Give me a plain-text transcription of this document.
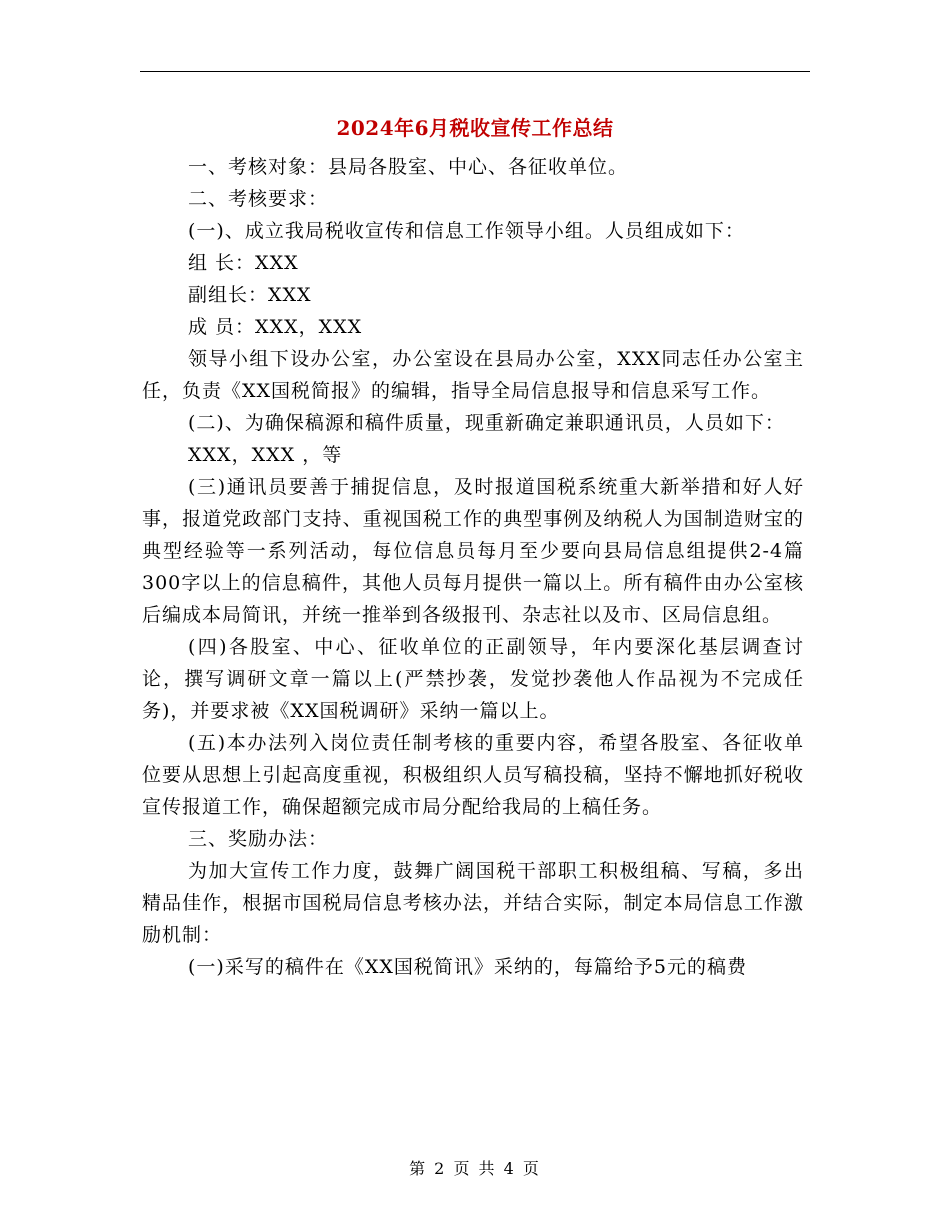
2024年6月税收宣传工作总结

一、考核对象：县局各股室、中心、各征收单位。

二、考核要求：

(一)、成立我局税收宣传和信息工作领导小组。人员组成如下：

组 长：XXX

副组长：XXX

成 员：XXX，XXX

领导小组下设办公室，办公室设在县局办公室，XXX同志任办公室主任，负责《XX国税简报》的编辑，指导全局信息报导和信息采写工作。

(二)、为确保稿源和稿件质量，现重新确定兼职通讯员，人员如下：

XXX，XXX ，等

(三)通讯员要善于捕捉信息，及时报道国税系统重大新举措和好人好事，报道党政部门支持、重视国税工作的典型事例及纳税人为国制造财宝的典型经验等一系列活动，每位信息员每月至少要向县局信息组提供2-4篇300字以上的信息稿件，其他人员每月提供一篇以上。所有稿件由办公室核后编成本局简讯，并统一推举到各级报刊、杂志社以及市、区局信息组。

(四)各股室、中心、征收单位的正副领导，年内要深化基层调查讨论，撰写调研文章一篇以上(严禁抄袭，发觉抄袭他人作品视为不完成任务)，并要求被《XX国税调研》采纳一篇以上。

(五)本办法列入岗位责任制考核的重要内容，希望各股室、各征收单位要从思想上引起高度重视，积极组织人员写稿投稿，坚持不懈地抓好税收宣传报道工作，确保超额完成市局分配给我局的上稿任务。

三、奖励办法：

为加大宣传工作力度，鼓舞广阔国税干部职工积极组稿、写稿，多出精品佳作，根据市国税局信息考核办法，并结合实际，制定本局信息工作激励机制：

(一)采写的稿件在《XX国税简讯》采纳的，每篇给予5元的稿费

第 2 页 共 4 页
